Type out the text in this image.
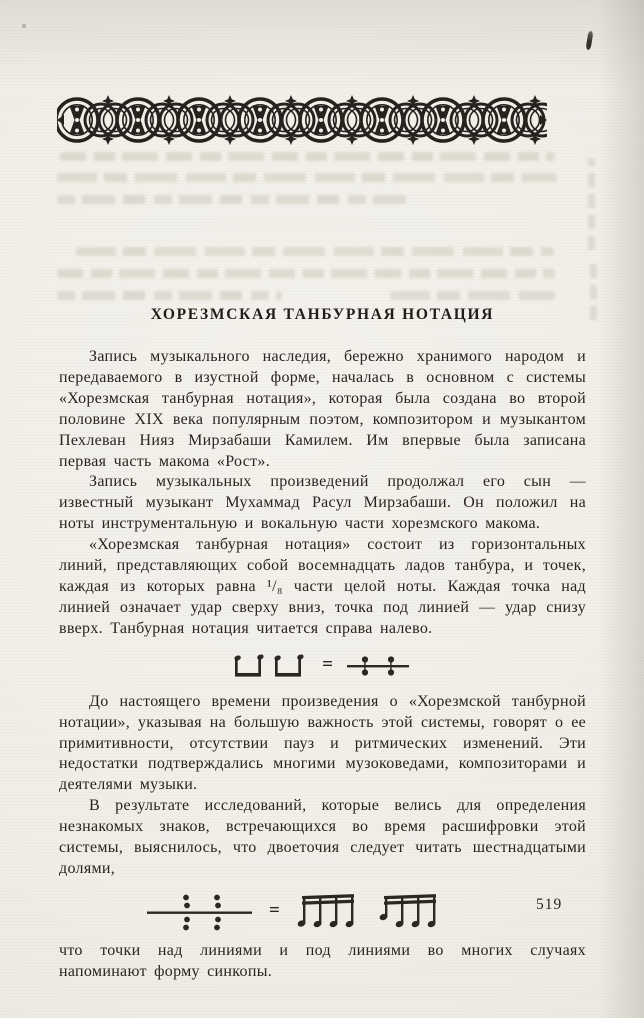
ХОРЕЗМСКАЯ ТАНБУРНАЯ НОТАЦИЯ

Запись музыкального наследия, бережно хранимого народом и передаваемого в изустной форме, началась в основном с системы «Хорезмская танбурная нотация», которая была создана во второй половине XIX века популярным поэтом, композитором и музыкантом Пехлеван Нияз Мирзабаши Камилем. Им впервые была записана первая часть макома «Рост».

Запись музыкальных произведений продолжал его сын — известный музыкант Мухаммад Расул Мирзабаши. Он положил на ноты инструментальную и вокальную части хорезмского макома.

«Хорезмская танбурная нотация» состоит из горизонтальных линий, представляющих собой восемнадцать ладов танбура, и точек, каждая из которых равна ¹/₈ части целой ноты. Каждая точка над линией означает удар сверху вниз, точка под линией — удар снизу вверх. Танбурная нотация читается справа налево.

=

До настоящего времени произведения о «Хорезмской танбурной нотации», указывая на большую важность этой системы, говорят о ее примитивности, отсутствии пауз и ритмических изменений. Эти недостатки подтверждались многими музоковедами, композиторами и деятелями музыки.

В результате исследований, которые велись для определения незнакомых знаков, встречающихся во время расшифровки этой системы, выяснилось, что двоеточия следует читать шестнадцатыми долями,

=

что точки над линиями и под линиями во многих случаях напоминают форму синкопы.

519
